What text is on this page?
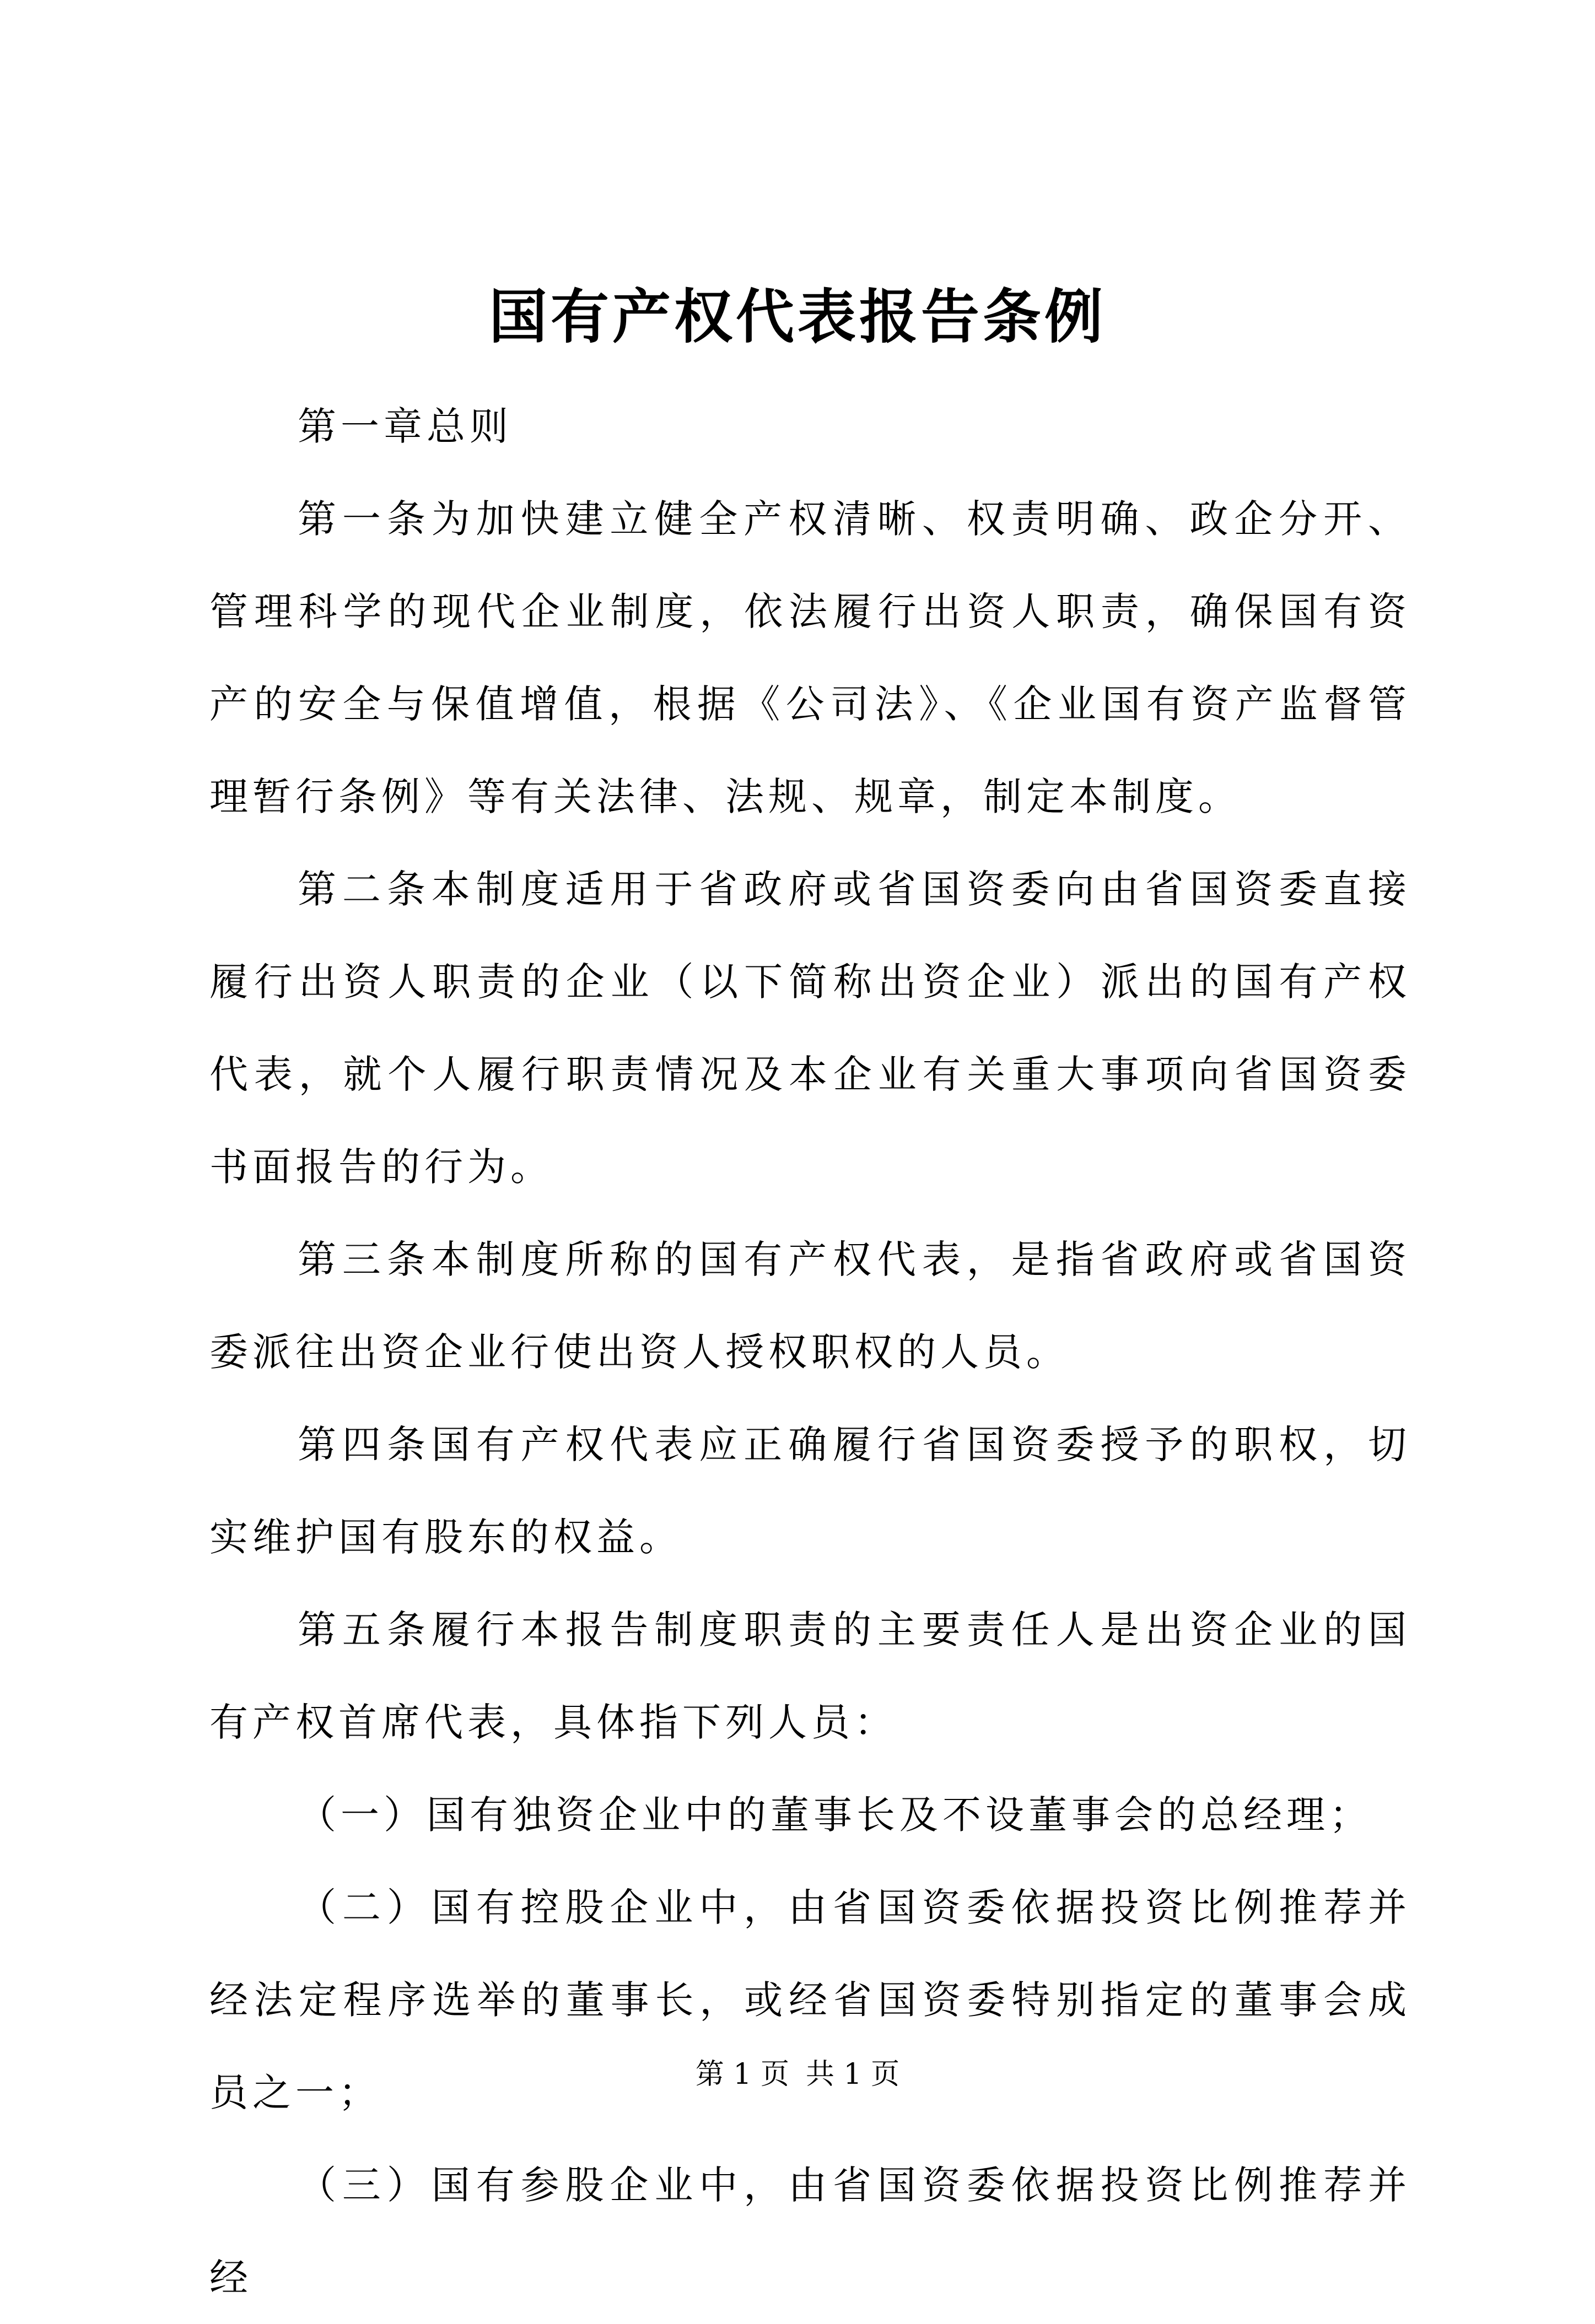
国有产权代表报告条例

第一章总则

第一条为加快建立健全产权清晰、权责明确、政企分开、管理科学的现代企业制度，依法履行出资人职责，确保国有资产的安全与保值增值，根据《公司法》、《企业国有资产监督管理暂行条例》等有关法律、法规、规章，制定本制度。

第二条本制度适用于省政府或省国资委向由省国资委直接履行出资人职责的企业（以下简称出资企业）派出的国有产权代表，就个人履行职责情况及本企业有关重大事项向省国资委书面报告的行为。

第三条本制度所称的国有产权代表，是指省政府或省国资委派往出资企业行使出资人授权职权的人员。

第四条国有产权代表应正确履行省国资委授予的职权，切实维护国有股东的权益。

第五条履行本报告制度职责的主要责任人是出资企业的国有产权首席代表，具体指下列人员：

（一）国有独资企业中的董事长及不设董事会的总经理；

（二）国有控股企业中，由省国资委依据投资比例推荐并经法定程序选举的董事长，或经省国资委特别指定的董事会成员之一；

（三）国有参股企业中，由省国资委依据投资比例推荐并经

第 1 页 共 1 页
